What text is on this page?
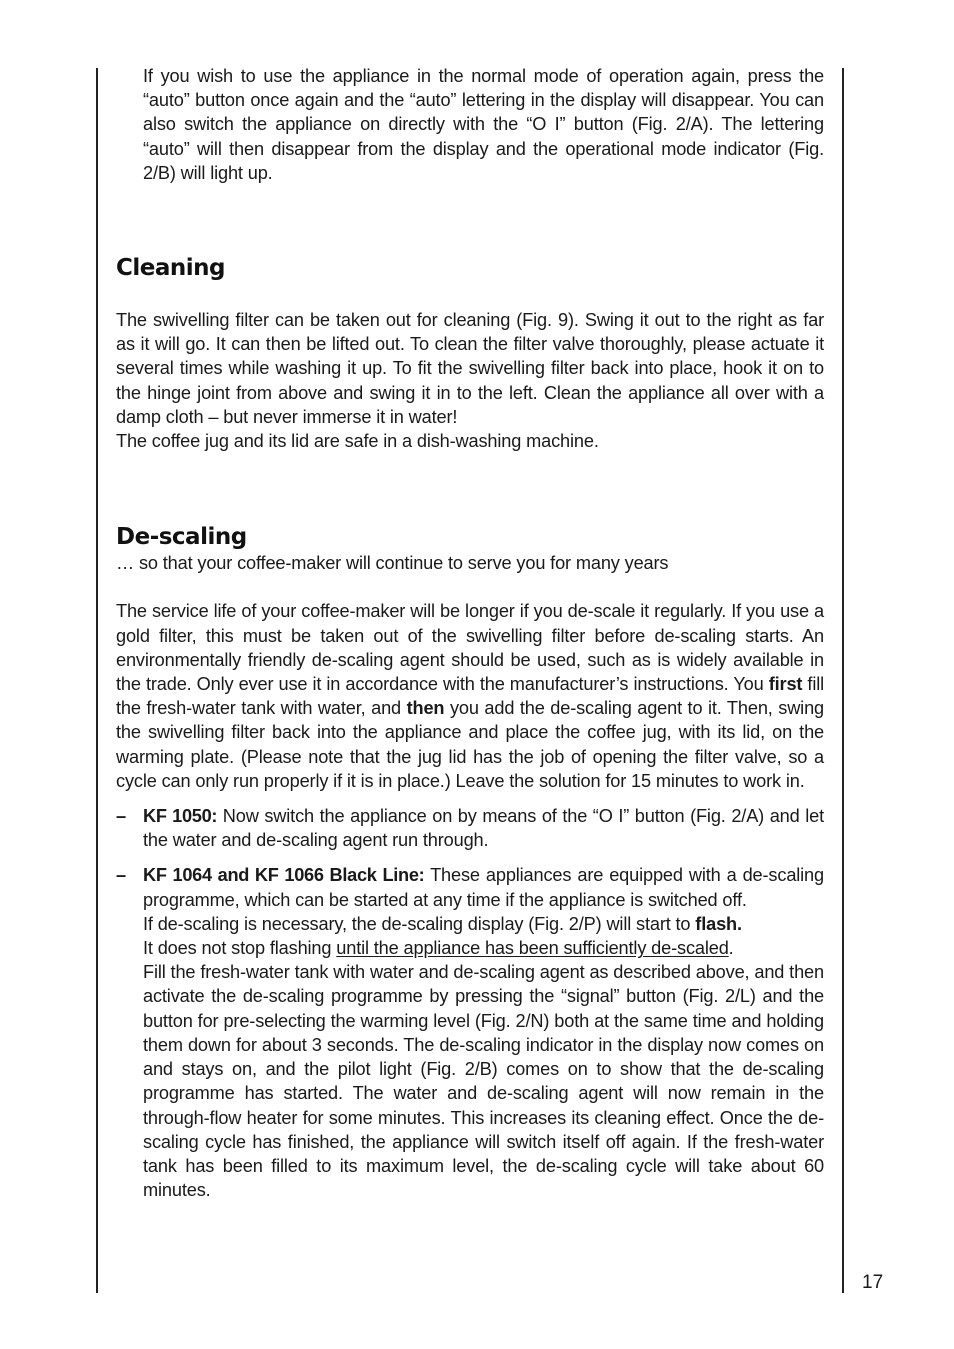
If you wish to use the appliance in the normal mode of operation again, press the “auto” button once again and the “auto” lettering in the display will disappear. You can also switch the appliance on directly with the “O I” button (Fig. 2/A). The lettering “auto” will then disappear from the display and the operational mode indicator (Fig. 2/B) will light up.

Cleaning

The swivelling filter can be taken out for cleaning (Fig. 9). Swing it out to the right as far as it will go. It can then be lifted out. To clean the filter valve thoroughly, please actuate it several times while washing it up. To fit the swivelling filter back into place, hook it on to the hinge joint from above and swing it in to the left. Clean the appliance all over with a damp cloth – but never immerse it in water!

The coffee jug and its lid are safe in a dish-washing machine.

De-scaling

… so that your coffee-maker will continue to serve you for many years

The service life of your coffee-maker will be longer if you de-scale it regularly. If you use a gold filter, this must be taken out of the swivelling filter before de-scaling starts. An environmentally friendly de-scaling agent should be used, such as is widely available in the trade. Only ever use it in accordance with the manufacturer’s instructions. You first fill the fresh-water tank with water, and then you add the de-scaling agent to it. Then, swing the swivelling filter back into the appliance and place the coffee jug, with its lid, on the warming plate. (Please note that the jug lid has the job of opening the filter valve, so a cycle can only run properly if it is in place.) Leave the solution for 15 minutes to work in.

– KF 1050: Now switch the appliance on by means of the “O I” button (Fig. 2/A) and let the water and de-scaling agent run through.

– KF 1064 and KF 1066 Black Line: These appliances are equipped with a de-scaling programme, which can be started at any time if the appliance is switched off.

If de-scaling is necessary, the de-scaling display (Fig. 2/P) will start to flash.
It does not stop flashing until the appliance has been sufficiently de-scaled.

Fill the fresh-water tank with water and de-scaling agent as described above, and then activate the de-scaling programme by pressing the “signal” button (Fig. 2/L) and the button for pre-selecting the warming level (Fig. 2/N) both at the same time and holding them down for about 3 seconds. The de-scaling indicator in the display now comes on and stays on, and the pilot light (Fig. 2/B) comes on to show that the de-scaling programme has started. The water and de-scaling agent will now remain in the through-flow heater for some minutes. This increases its cleaning effect. Once the de-scaling cycle has finished, the appliance will switch itself off again. If the fresh-water tank has been filled to its maximum level, the de-scaling cycle will take about 60 minutes.

17
